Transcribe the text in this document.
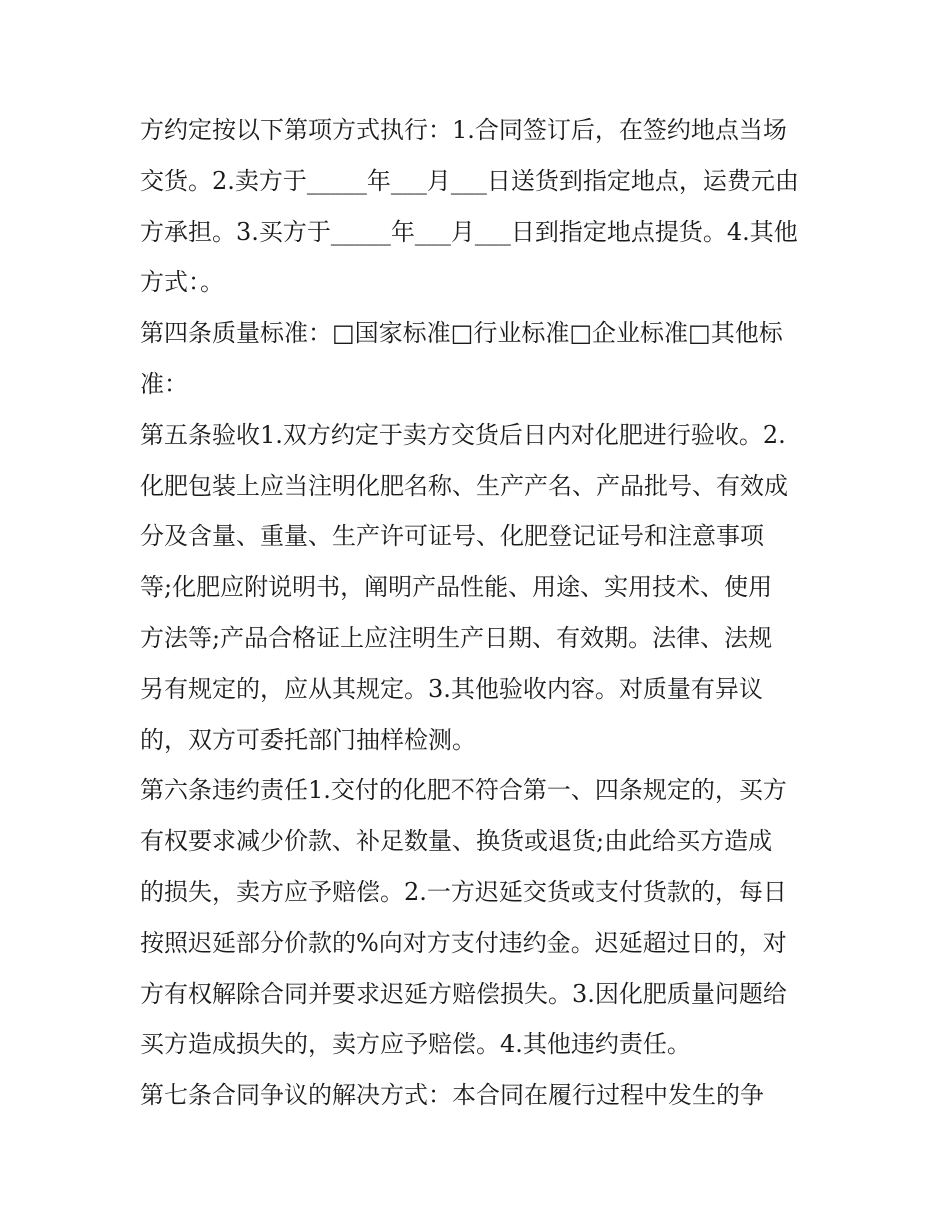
方约定按以下第项方式执行：1.合同签订后，在签约地点当场
交货。2.卖方于_____年___月___日送货到指定地点，运费元由
方承担。3.买方于_____年___月___日到指定地点提货。4.其他
方式：。
第四条质量标准：□国家标准□行业标准□企业标准□其他标
准：
第五条验收1.双方约定于卖方交货后日内对化肥进行验收。2.
化肥包装上应当注明化肥名称、生产产名、产品批号、有效成
分及含量、重量、生产许可证号、化肥登记证号和注意事项
等;化肥应附说明书，阐明产品性能、用途、实用技术、使用
方法等;产品合格证上应注明生产日期、有效期。法律、法规
另有规定的，应从其规定。3.其他验收内容。对质量有异议
的，双方可委托部门抽样检测。
第六条违约责任1.交付的化肥不符合第一、四条规定的，买方
有权要求减少价款、补足数量、换货或退货;由此给买方造成
的损失，卖方应予赔偿。2.一方迟延交货或支付货款的，每日
按照迟延部分价款的%向对方支付违约金。迟延超过日的，对
方有权解除合同并要求迟延方赔偿损失。3.因化肥质量问题给
买方造成损失的，卖方应予赔偿。4.其他违约责任。
第七条合同争议的解决方式：本合同在履行过程中发生的争
